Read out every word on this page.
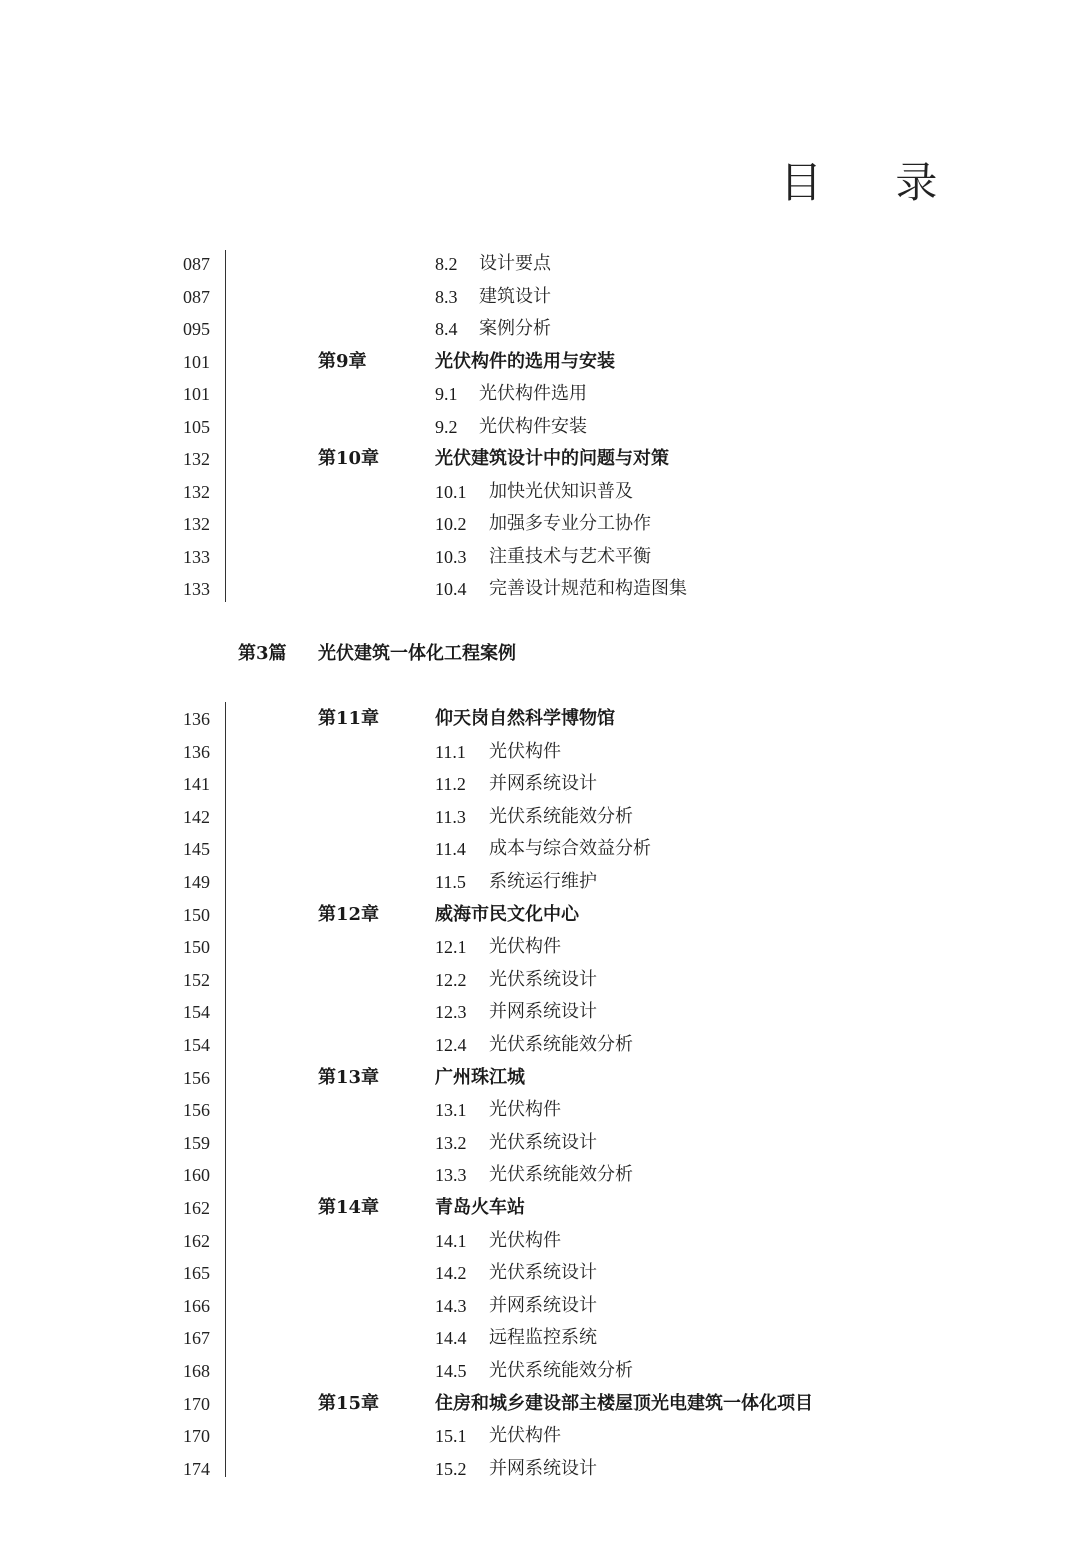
目 录
第3篇 光伏建筑一体化工程案例
087	8.2 设计要点
087	8.3 建筑设计
095	8.4 案例分析
101	第9章	光伏构件的选用与安装
101	9.1 光伏构件选用
105	9.2 光伏构件安装
132	第10章	光伏建筑设计中的问题与对策
132	10.1 加快光伏知识普及
132	10.2 加强多专业分工协作
133	10.3 注重技术与艺术平衡
133	10.4 完善设计规范和构造图集
136	第11章	仰天岗自然科学博物馆
136	11.1 光伏构件
141	11.2 并网系统设计
142	11.3 光伏系统能效分析
145	11.4 成本与综合效益分析
149	11.5 系统运行维护
150	第12章	威海市民文化中心
150	12.1 光伏构件
152	12.2 光伏系统设计
154	12.3 并网系统设计
154	12.4 光伏系统能效分析
156	第13章	广州珠江城
156	13.1 光伏构件
159	13.2 光伏系统设计
160	13.3 光伏系统能效分析
162	第14章	青岛火车站
162	14.1 光伏构件
165	14.2 光伏系统设计
166	14.3 并网系统设计
167	14.4 远程监控系统
168	14.5 光伏系统能效分析
170	第15章	住房和城乡建设部主楼屋顶光电建筑一体化项目
170	15.1 光伏构件
174	15.2 并网系统设计
